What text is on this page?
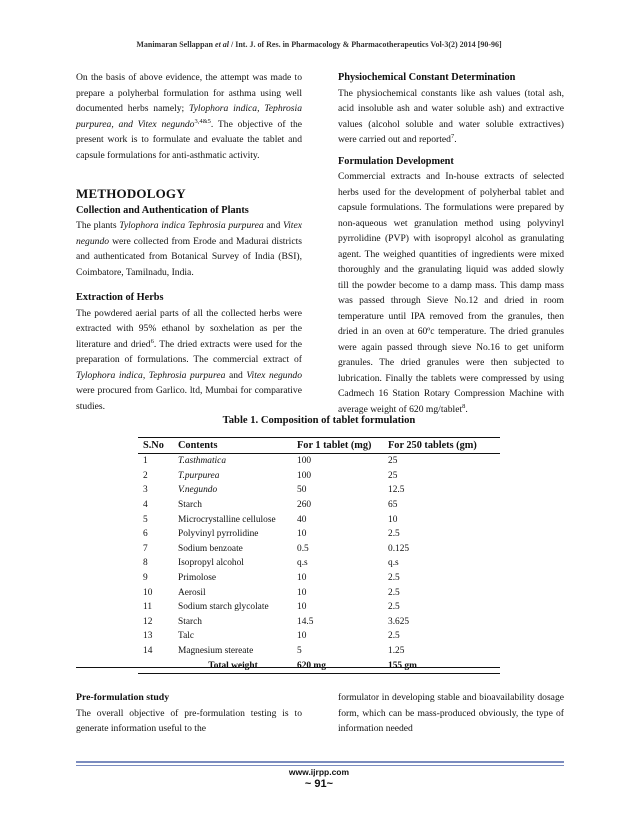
Manimaran Sellappan et al / Int. J. of Res. in Pharmacology & Pharmacotherapeutics Vol-3(2) 2014 [90-96]

On the basis of above evidence, the attempt was made to prepare a polyherbal formulation for asthma using well documented herbs namely; Tylophora indica, Tephrosia purpurea, and Vitex negundo$^{3,4\&5}$. The objective of the present work is to formulate and evaluate the tablet and capsule formulations for anti-asthmatic activity.

METHODOLOGY

Collection and Authentication of Plants

The plants Tylophora indica Tephrosia purpurea and Vitex negundo were collected from Erode and Madurai districts and authenticated from Botanical Survey of India (BSI), Coimbatore, Tamilnadu, India.

Extraction of Herbs

The powdered aerial parts of all the collected herbs were extracted with 95% ethanol by soxhelation as per the literature and dried$^6$. The dried extracts were used for the preparation of formulations. The commercial extract of Tylophora indica, Tephrosia purpurea and Vitex negundo were procured from Garlico. ltd, Mumbai for comparative studies.

Physiochemical Constant Determination

The physiochemical constants like ash values (total ash, acid insoluble ash and water soluble ash) and extractive values (alcohol soluble and water soluble extractives) were carried out and reported$^7$.

Formulation Development

Commercial extracts and In-house extracts of selected herbs used for the development of polyherbal tablet and capsule formulations. The formulations were prepared by non-aqueous wet granulation method using polyvinyl pyrrolidine (PVP) with isopropyl alcohol as granulating agent. The weighed quantities of ingredients were mixed thoroughly and the granulating liquid was added slowly till the powder become to a damp mass. This damp mass was passed through Sieve No.12 and dried in room temperature until IPA removed from the granules, then dried in an oven at 60ºc temperature. The dried granules were again passed through sieve No.16 to get uniform granules. The dried granules were then subjected to lubrication. Finally the tablets were compressed by using Cadmech 16 Station Rotary Compression Machine with average weight of 620 mg/tablet$^8$.

Table 1. Composition of tablet formulation
S.No	Contents	For 1 tablet (mg)	For 250 tablets (gm)
1	T.asthmatica	100	25
2	T.purpurea	100	25
3	V.negundo	50	12.5
4	Starch	260	65
5	Microcrystalline cellulose	40	10
6	Polyvinyl pyrrolidine	10	2.5
7	Sodium benzoate	0.5	0.125
8	Isopropyl alcohol	q.s	q.s
9	Primolose	10	2.5
10	Aerosil	10	2.5
11	Sodium starch glycolate	10	2.5
12	Starch	14.5	3.625
13	Talc	10	2.5
14	Magnesium stereate	5	1.25
	Total weight	620 mg	155 gm

Pre-formulation study

The overall objective of pre-formulation testing is to generate information useful to the

formulator in developing stable and bioavailability dosage form, which can be mass-produced obviously, the type of information needed

www.ijrpp.com
~ 91~
